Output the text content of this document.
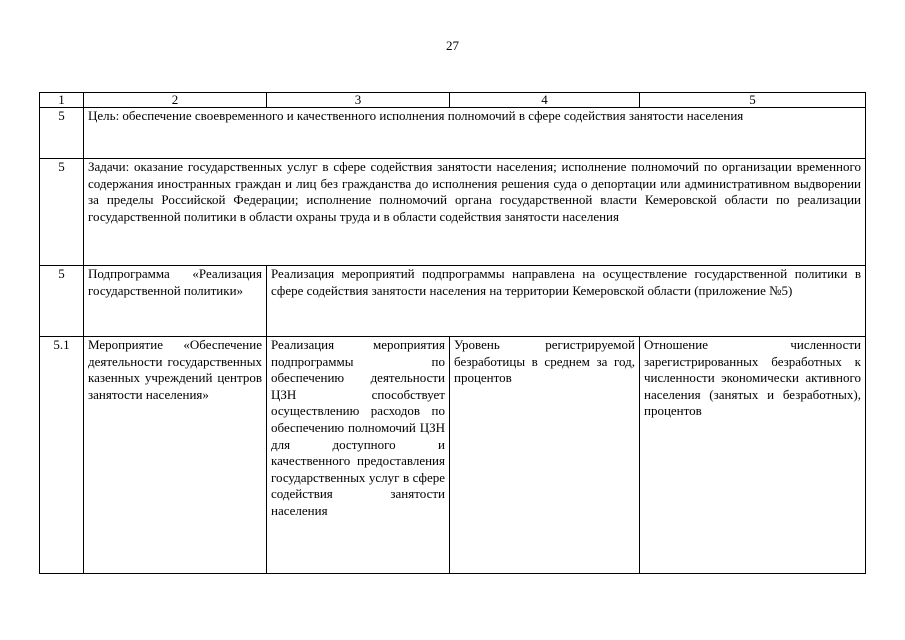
27
1	2	3	4	5
5	Цель: обеспечение своевременного и качественного исполнения полномочий в сфере содействия занятости населения			
5	Задачи: оказание государственных услуг в сфере содействия занятости населения; исполнение полномочий по организации временного содержания иностранных граждан и лиц без гражданства до исполнения решения суда о депортации или административном выдворении за пределы Российской Федерации; исполнение полномочий органа государственной власти Кемеровской области по реализации государственной политики в области охраны труда и в области содействия занятости населения			
5	Подпрограмма «Реализация государственной политики»	Реализация мероприятий подпрограммы направлена на осуществление государственной политики в сфере содействия занятости населения на территории Кемеровской области (приложение №5)		
5.1	Мероприятие «Обеспечение деятельности государственных казенных учреждений центров занятости населения»	Реализация мероприятия подпрограммы по обеспечению деятельности ЦЗН способствует осуществлению расходов по обеспечению полномочий ЦЗН для доступного и качественного предоставления государственных услуг в сфере содействия занятости населения	Уровень регистрируемой безработицы в среднем за год, процентов	Отношение численности зарегистрированных безработных к численности экономически активного населения (занятых и безработных), процентов
